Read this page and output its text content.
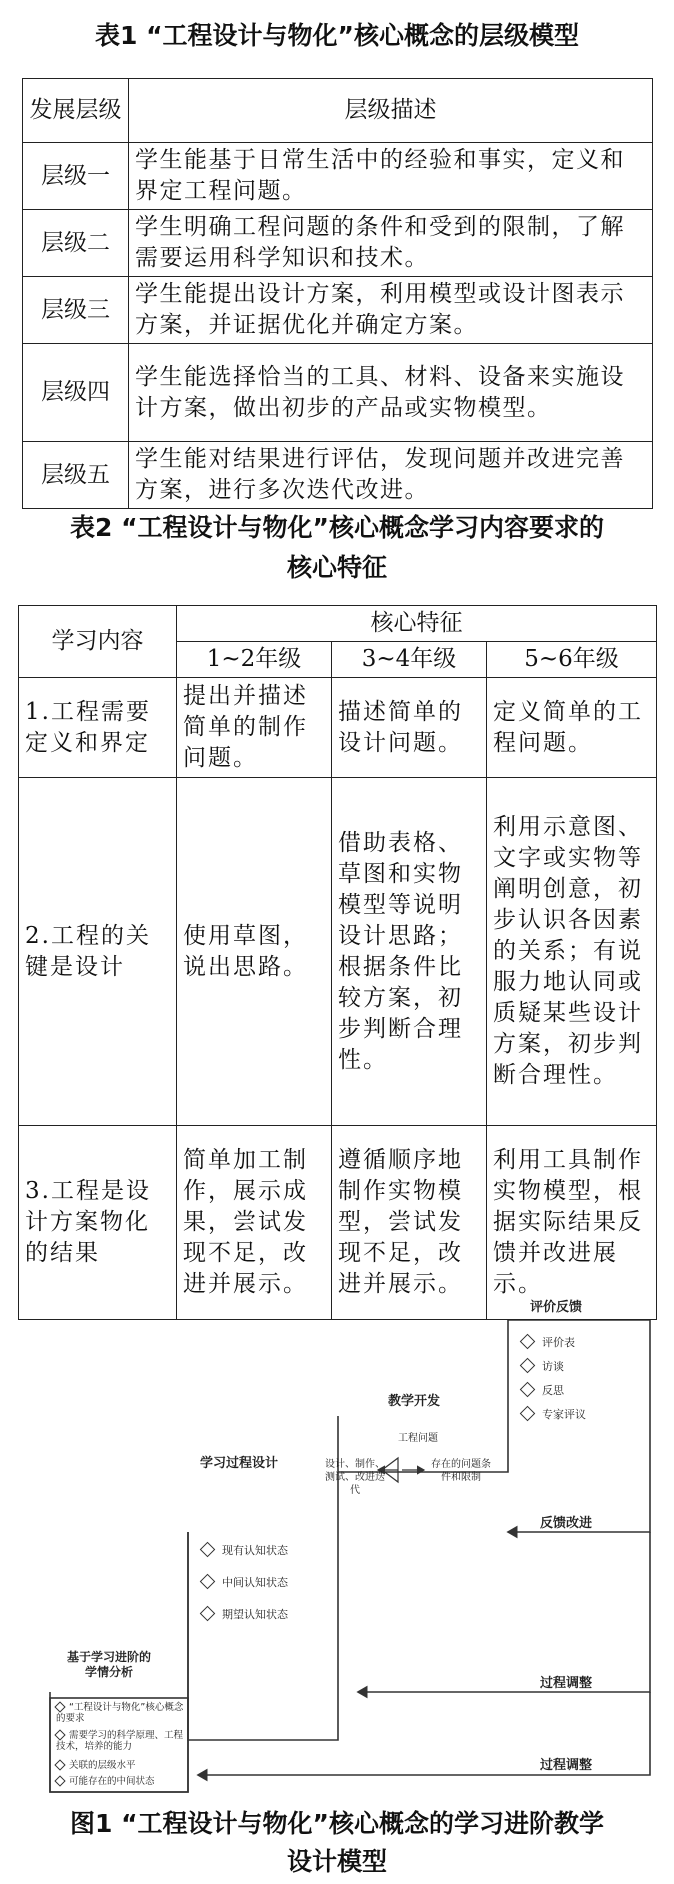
表1 “工程设计与物化”核心概念的层级模型
发展层级	层级描述
层级一	学生能基于日常生活中的经验和事实，定义和界定工程问题。
层级二	学生明确工程问题的条件和受到的限制，了解需要运用科学知识和技术。
层级三	学生能提出设计方案，利用模型或设计图表示方案，并证据优化并确定方案。
层级四	学生能选择恰当的工具、材料、设备来实施设计方案，做出初步的产品或实物模型。
层级五	学生能对结果进行评估，发现问题并改进完善方案，进行多次迭代改进。
表2 “工程设计与物化”核心概念学习内容要求的
核心特征
学习内容	核心特征		
	1~2年级	3~4年级	5~6年级
1.工程需要定义和界定	提出并描述简单的制作问题。	描述简单的设计问题。	定义简单的工程问题。
2.工程的关键是设计	使用草图，说出思路。	借助表格、草图和实物模型等说明设计思路；根据条件比较方案，初步判断合理性。	利用示意图、文字或实物等阐明创意，初步认识各因素的关系；有说服力地认同或质疑某些设计方案，初步判断合理性。
3.工程是设计方案物化的结果	简单加工制作，展示成果，尝试发现不足，改进并展示。	遵循顺序地制作实物模型，尝试发现不足，改进并展示。	利用工具制作实物模型，根据实际结果反馈并改进展示。
评价反馈
评价表
访谈
反思
专家评议
教学开发
工程问题
设计、制作、测试、改进迭代
存在的问题条件和限制
学习过程设计
现有认知状态
中间认知状态
期望认知状态
基于学习进阶的学情分析
“工程设计与物化”核心概念的要求
需要学习的科学原理、工程技术，培养的能力
关联的层级水平
可能存在的中间状态
反馈改进
过程调整
过程调整
图1 “工程设计与物化”核心概念的学习进阶教学
设计模型
